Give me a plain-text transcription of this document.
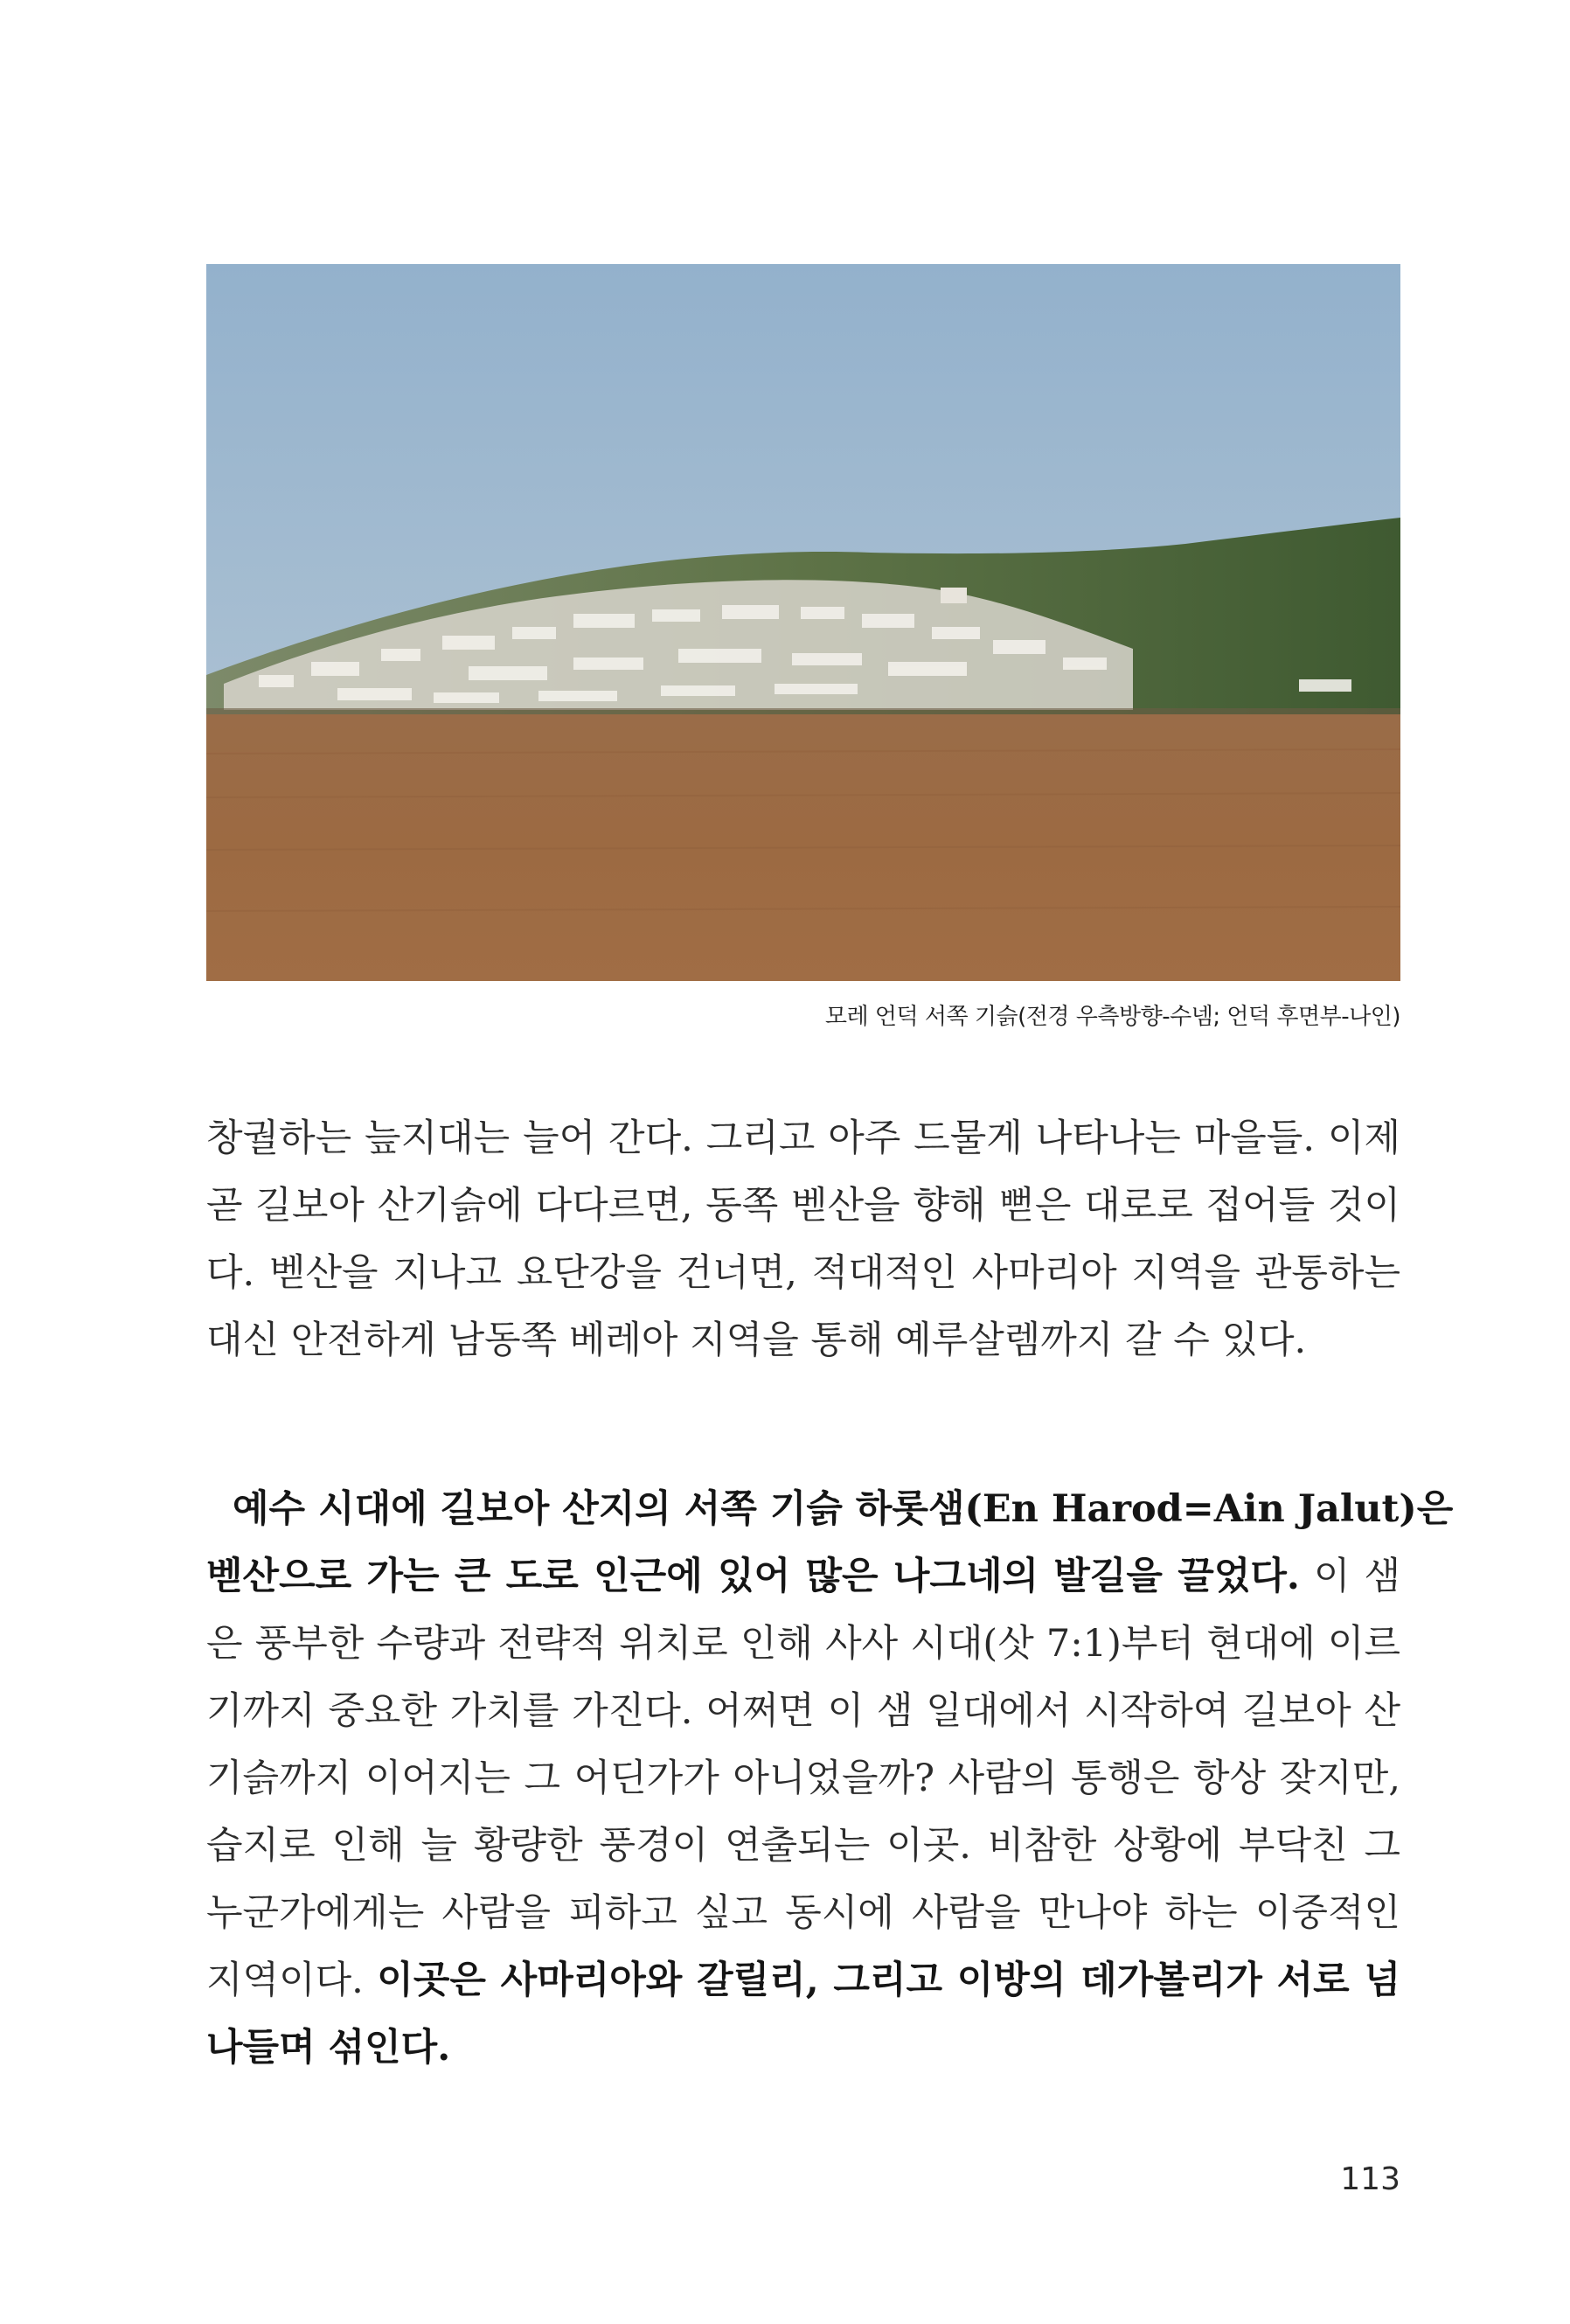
모레 언덕 서쪽 기슭(전경 우측방향-수넴; 언덕 후면부-나인)
창궐하는 늪지대는 늘어 간다. 그리고 아주 드물게 나타나는 마을들. 이제
곧 길보아 산기슭에 다다르면, 동쪽 벧산을 향해 뻗은 대로로 접어들 것이
다. 벧산을 지나고 요단강을 건너면, 적대적인 사마리아 지역을 관통하는
대신 안전하게 남동쪽 베레아 지역을 통해 예루살렘까지 갈 수 있다.
예수 시대에 길보아 산지의 서쪽 기슭 하롯샘(En Harod=Ain Jalut)은
벧산으로 가는 큰 도로 인근에 있어 많은 나그네의 발길을 끌었다. 이 샘
은 풍부한 수량과 전략적 위치로 인해 사사 시대(삿 7:1)부터 현대에 이르
기까지 중요한 가치를 가진다. 어쩌면 이 샘 일대에서 시작하여 길보아 산
기슭까지 이어지는 그 어딘가가 아니었을까? 사람의 통행은 항상 잦지만,
습지로 인해 늘 황량한 풍경이 연출되는 이곳. 비참한 상황에 부닥친 그
누군가에게는 사람을 피하고 싶고 동시에 사람을 만나야 하는 이중적인
지역이다. 이곳은 사마리아와 갈릴리, 그리고 이방의 데가볼리가 서로 넘
나들며 섞인다.
113
